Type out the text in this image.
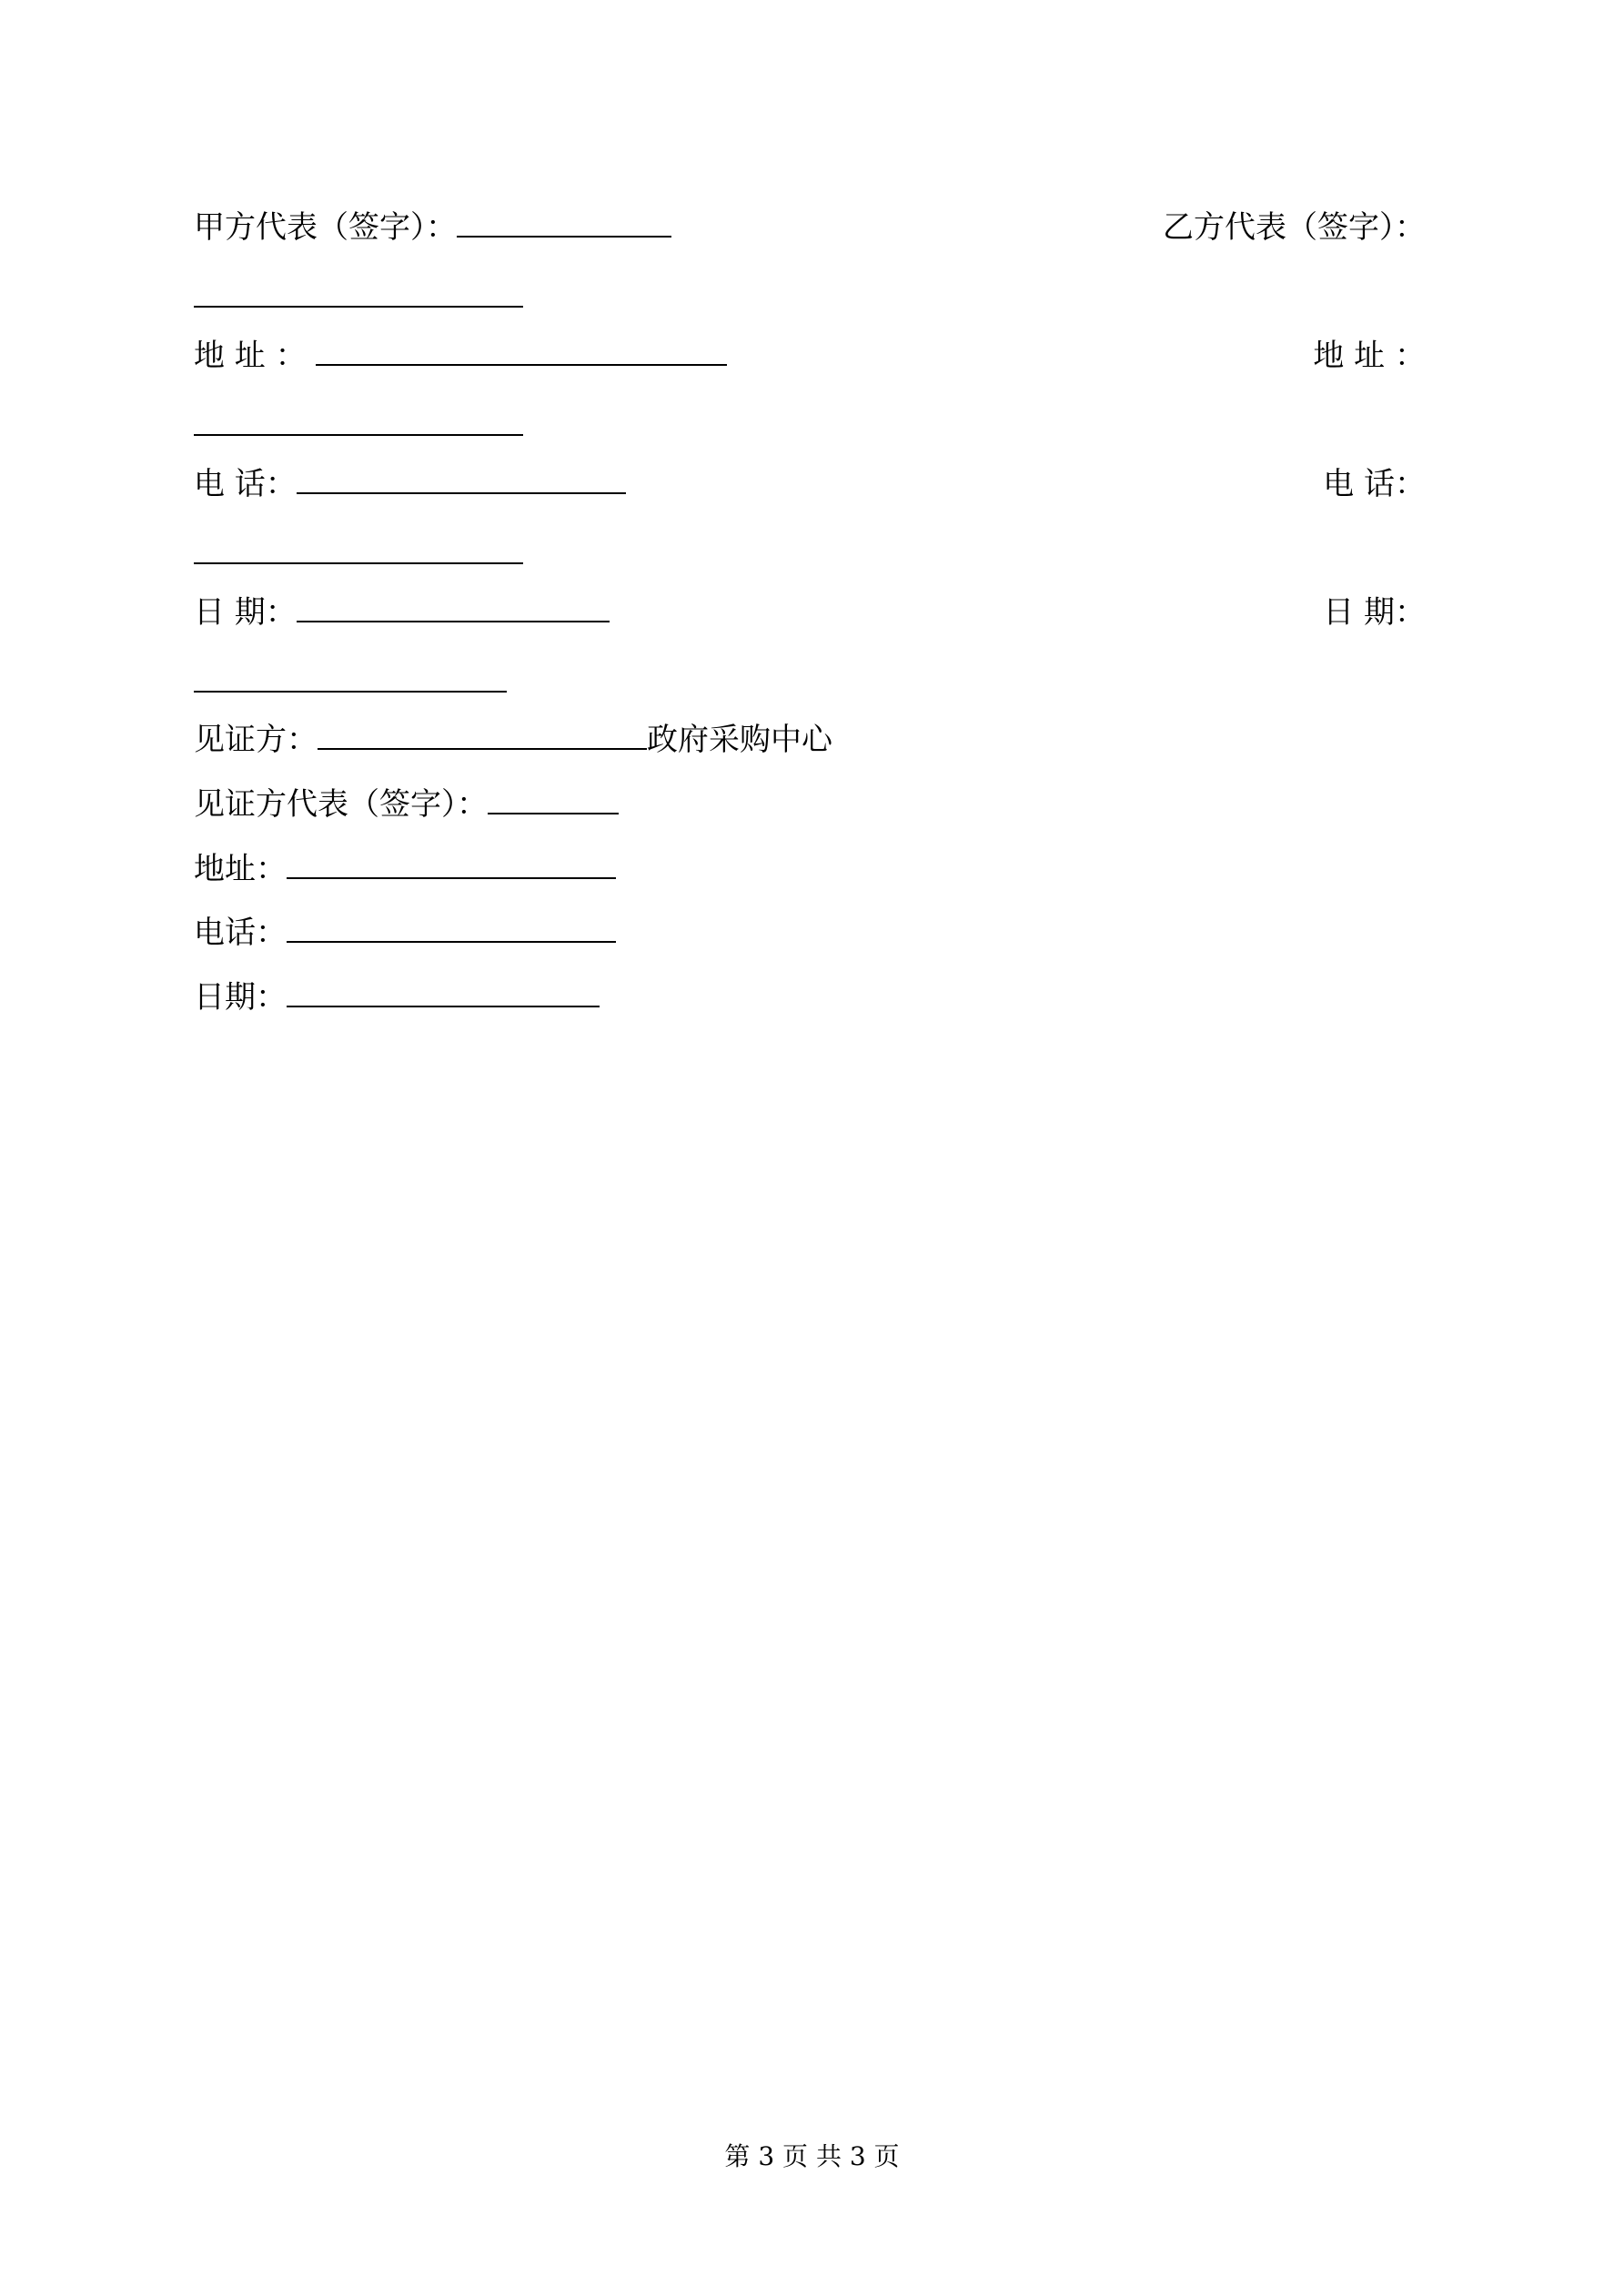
甲方代表（签字）：	乙方代表（签字）：
地 址 ：	地 址 ：
电 话：	电 话：
日 期：	日 期：
见证方：	政府采购中心
见证方代表（签字）：
地址：
电话：
日期：
第 3 页 共 3 页
